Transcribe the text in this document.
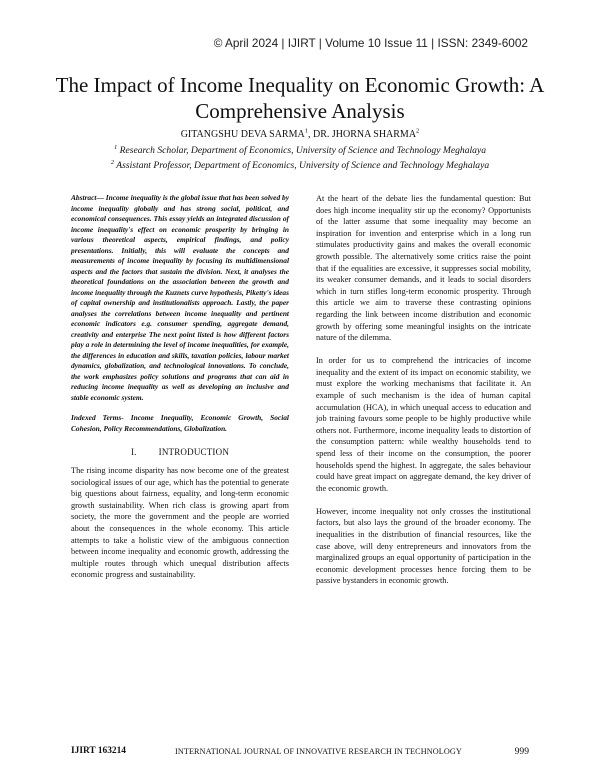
© April 2024 | IJIRT | Volume 10 Issue 11 | ISSN: 2349-6002
The Impact of Income Inequality on Economic Growth: A Comprehensive Analysis
GITANGSHU DEVA SARMA$^1$, DR. JHORNA SHARMA$^2$
$^1$ Research Scholar, Department of Economics, University of Science and Technology Meghalaya
$^2$ Assistant Professor, Department of Economics, University of Science and Technology Meghalaya

Abstract— Income inequality is the global issue that has been solved by income inequality globally and has strong social, political, and economical consequences. This essay yields an integrated discussion of income inequality's effect on economic prosperity by bringing in various theoretical aspects, empirical findings, and policy presentations. Initially, this will evaluate the concepts and measurements of income inequality by focusing its multidimensional aspects and the factors that sustain the division. Next, it analyses the theoretical foundations on the association between the growth and income inequality through the Kuznets curve hypothesis, Piketty's ideas of capital ownership and institutionalists approach. Lastly, the paper analyses the correlations between income inequality and pertinent economic indicators e.g. consumer spending, aggregate demand, creativity and enterprise The next point listed is how different factors play a role in determining the level of income inequalities, for example, the differences in education and skills, taxation policies, labour market dynamics, globalization, and technological innovations. To conclude, the work emphasizes policy solutions and programs that can aid in reducing income inequality as well as developing an inclusive and stable economic system.

Indexed Terms- Income Inequality, Economic Growth, Social Cohesion, Policy Recommendations, Globalization.

I. INTRODUCTION

The rising income disparity has now become one of the greatest sociological issues of our age, which has the potential to generate big questions about fairness, equality, and long-term economic growth sustainability. When rich class is growing apart from society, the more the government and the people are worried about the consequences in the whole economy. This article attempts to take a holistic view of the ambiguous connection between income inequality and economic growth, addressing the multiple routes through which unequal distribution affects economic progress and sustainability.

At the heart of the debate lies the fundamental question: But does high income inequality stir up the economy? Opportunists of the latter assume that some inequality may become an inspiration for invention and enterprise which in a long run stimulates productivity gains and makes the overall economic growth possible. The alternatively some critics raise the point that if the equalities are excessive, it suppresses social mobility, its weaker consumer demands, and it leads to social disorders which in turn stifles long-term economic prosperity. Through this article we aim to traverse these contrasting opinions regarding the link between income distribution and economic growth by offering some meaningful insights on the intricate nature of the dilemma.

In order for us to comprehend the intricacies of income inequality and the extent of its impact on economic stability, we must explore the working mechanisms that facilitate it. An example of such mechanism is the idea of human capital accumulation (HCA), in which unequal access to education and job training favours some people to be highly productive while others not. Furthermore, income inequality leads to distortion of the consumption pattern: while wealthy households tend to spend less of their income on the consumption, the poorer households spend the highest. In aggregate, the sales behaviour could have great impact on aggregate demand, the key driver of the economic growth.

However, income inequality not only crosses the institutional factors, but also lays the ground of the broader economy. The inequalities in the distribution of financial resources, like the case above, will deny entrepreneurs and innovators from the marginalized groups an equal opportunity of participation in the economic development processes hence forcing them to be passive bystanders in economic growth.

IJIRT 163214	INTERNATIONAL JOURNAL OF INNOVATIVE RESEARCH IN TECHNOLOGY	999
